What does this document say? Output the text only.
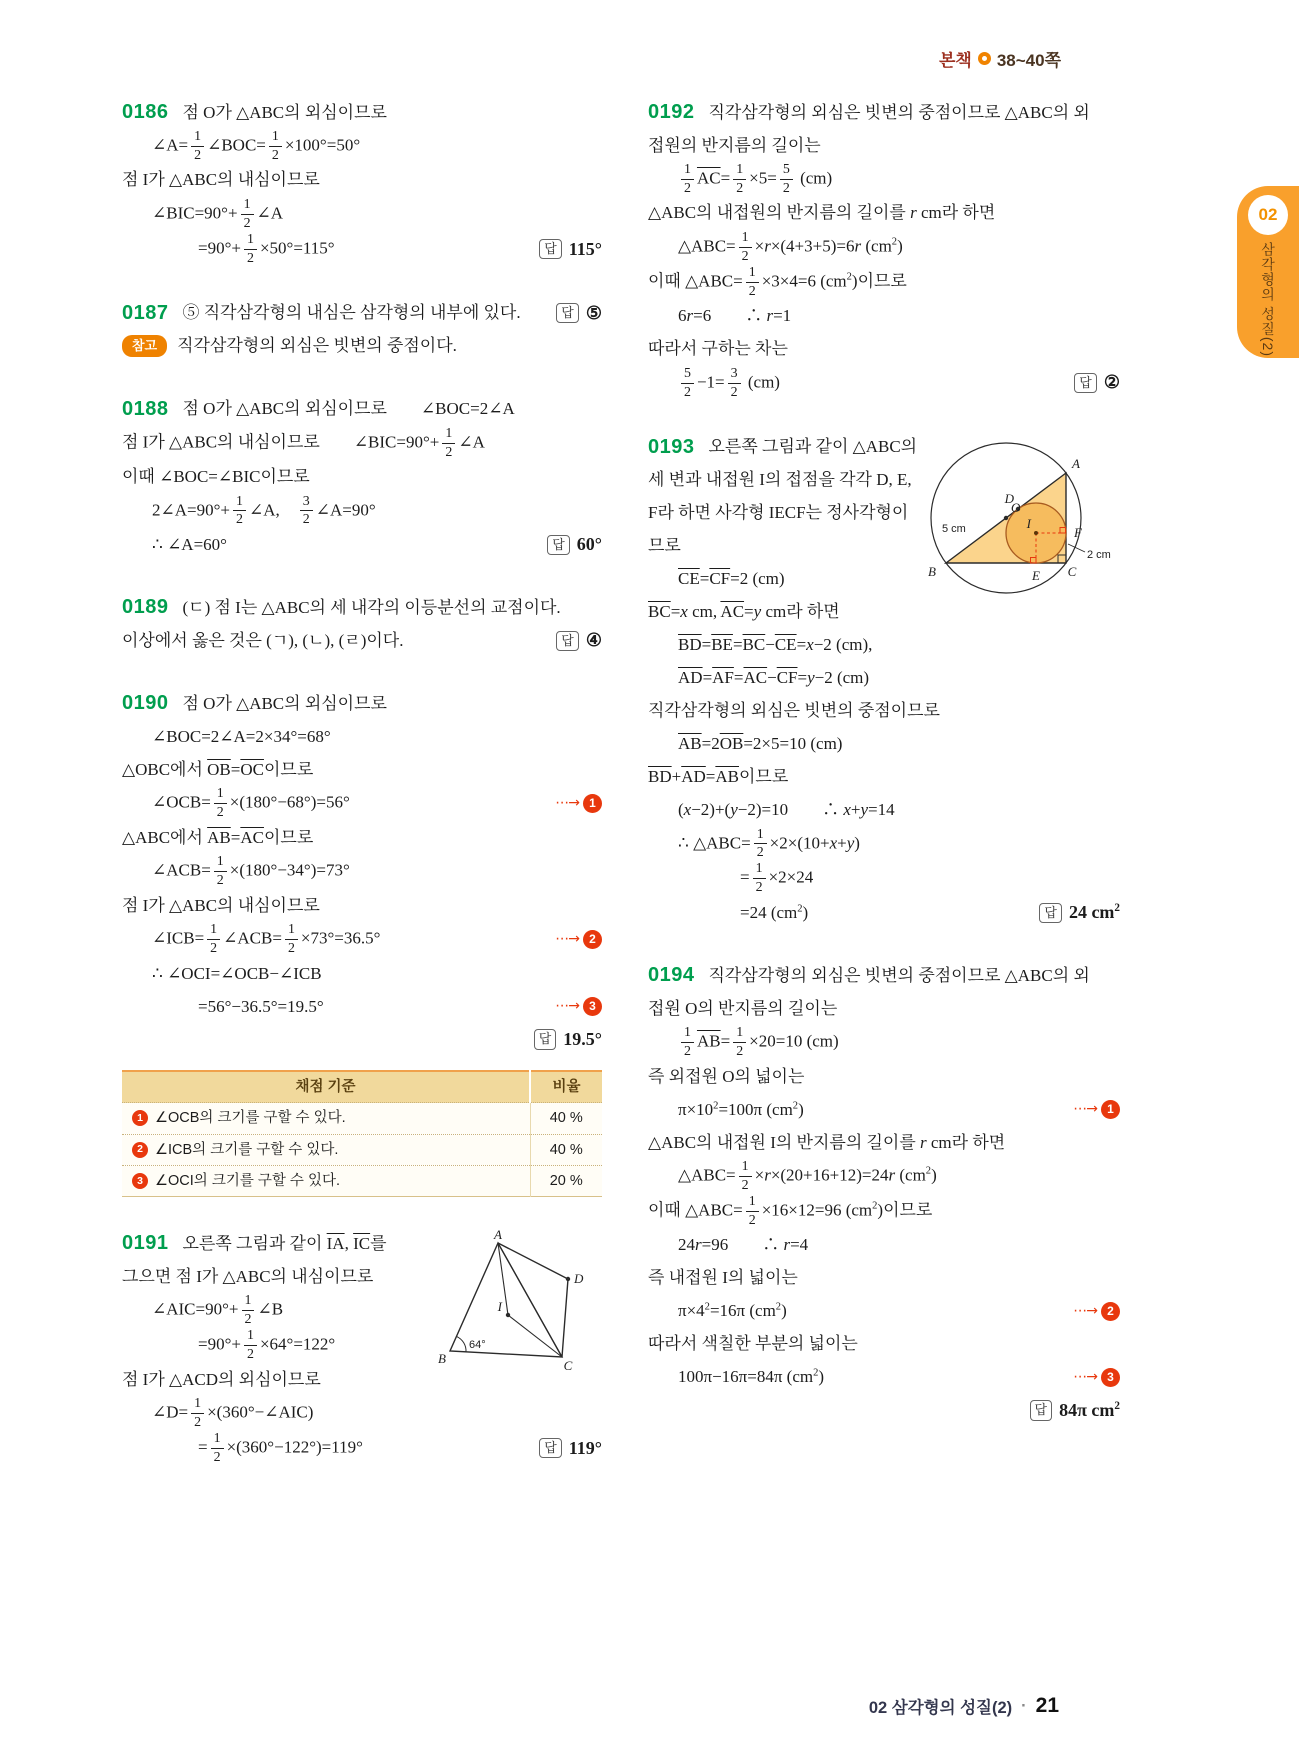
본책 38~40쪽
02
삼각형의 성질(2)
0186 점 O가 △ABC의 외심이므로
∠A= $\frac{1}{2}$ ∠BOC= $\frac{1}{2} \times 100^\circ=50^\circ$
점 I가 △ABC의 내심이므로
∠BIC=90°+ $\frac{1}{2}$ ∠A
$=90^\circ+ \frac{1}{2} \times 50^\circ=115^\circ$	답 115°
0187 ⑤ 직각삼각형의 내심은 삼각형의 내부에 있다.	답 ⑤
참고	직각삼각형의 외심은 빗변의 중점이다.
0188 점 O가 △ABC의 외심이므로　　∠BOC=2∠A
점 I가 △ABC의 내심이므로　　∠BIC=90°+ $\frac{1}{2}$ ∠A
이때 ∠BOC=∠BIC이므로
2∠A=90°+ $\frac{1}{2}$ ∠A,　 $\frac{3}{2}$ ∠A=90°
∴ ∠A=60°	답 60°
0189 (ㄷ) 점 I는 △ABC의 세 내각의 이등분선의 교점이다.
이상에서 옳은 것은 (ㄱ), (ㄴ), (ㄹ)이다.	답 ④
0190 점 O가 △ABC의 외심이므로
∠BOC=2∠A=2×34°=68°
△OBC에서 $\overline{OB}=\overline{OC}$이므로
∠OCB= $\frac{1}{2} \times(180^\circ-68^\circ)=56^\circ$	⋯→ 1
△ABC에서 $\overline{AB}=\overline{AC}$이므로
∠ACB= $\frac{1}{2} \times(180^\circ-34^\circ)=73^\circ$
점 I가 △ABC의 내심이므로
∠ICB= $\frac{1}{2}$ ∠ACB= $\frac{1}{2} \times 73^\circ=36.5^\circ$	⋯→ 2
∴ ∠OCI=∠OCB−∠ICB
=56°−36.5°=19.5°	⋯→ 3
답 19.5°
채점 기준	비율

1 ∠OCB의 크기를 구할 수 있다.	40 %

2 ∠ICB의 크기를 구할 수 있다.	40 %

3 ∠OCI의 크기를 구할 수 있다.	20 %
0191 오른쪽 그림과 같이 $\overline{IA}$, $\overline{IC}$를
그으면 점 I가 △ABC의 내심이므로
∠AIC=90°+ $\frac{1}{2}$ ∠B
$=90^\circ+ \frac{1}{2} \times 64^\circ=122^\circ$
점 I가 △ACD의 외심이므로
∠D= $\frac{1}{2}$ ×(360°−∠AIC)
= $\frac{1}{2} \times(360^\circ-122^\circ)=119^\circ$	답 119°
A
B	C
D
I
64°
0192 직각삼각형의 외심은 빗변의 중점이므로 △ABC의 외
접원의 반지름의 길이는
$\frac{1}{2} \overline{AC}= \frac{1}{2} \times 5= \frac{5}{2} (cm)$
△ABC의 내접원의 반지름의 길이를 r cm라 하면
△ABC= $\frac{1}{2} \times r\times(4+3+5)=6r$ $(cm^2)$
이때 △ABC= $\frac{1}{2} \times 3\times 4=6$ $(cm^2)$이므로
6r=6　　∴ r=1
따라서 구하는 차는
$\frac{5}{2} -1= \frac{3}{2} (cm)$	답 ②
0193 오른쪽 그림과 같이 △ABC의
세 변과 내접원 I의 접점을 각각 D, E,
F라 하면 사각형 IECF는 정사각형이
므로
$\overline{CE}=\overline{CF}=2$ (cm)
$\overline{BC}=x$ cm, $\overline{AC}=y$ cm라 하면
$\overline{BD}=\overline{BE}=\overline{BC}-\overline{CE}=x-2$ (cm),
$\overline{AD}=\overline{AF}=\overline{AC}-\overline{CF}=y-2$ (cm)
직각삼각형의 외심은 빗변의 중점이므로
$\overline{AB}=2\overline{OB}=2\times 5=10$ (cm)
$\overline{BD}+\overline{AD}=\overline{AB}$이므로
(x−2)+(y−2)=10　　∴ x+y=14
∴ △ABC= $\frac{1}{2} \times 2\times(10+x+y)$
= $\frac{1}{2} \times 2\times 24$
=24 $(cm^2)$	답 24 $cm^2$
A
B	C
D
O
E
F
I
5 cm
2 cm
0194 직각삼각형의 외심은 빗변의 중점이므로 △ABC의 외
접원 O의 반지름의 길이는
$\frac{1}{2} \overline{AB}= \frac{1}{2} \times 20=10$ (cm)
즉 외접원 O의 넓이는
$\pi\times 10^2=100\pi$ $(cm^2)$	⋯→ 1
△ABC의 내접원 I의 반지름의 길이를 r cm라 하면
△ABC= $\frac{1}{2} \times r\times(20+16+12)=24r$ $(cm^2)$
이때 △ABC= $\frac{1}{2} \times 16\times 12=96$ $(cm^2)$이므로
24r=96　　∴ r=4
즉 내접원 I의 넓이는
$\pi\times 4^2=16\pi$ $(cm^2)$	⋯→ 2
따라서 색칠한 부분의 넓이는
100π−16π=84π $(cm^2)$	⋯→ 3
답 84π $cm^2$
02 삼각형의 성질(2) · 21
